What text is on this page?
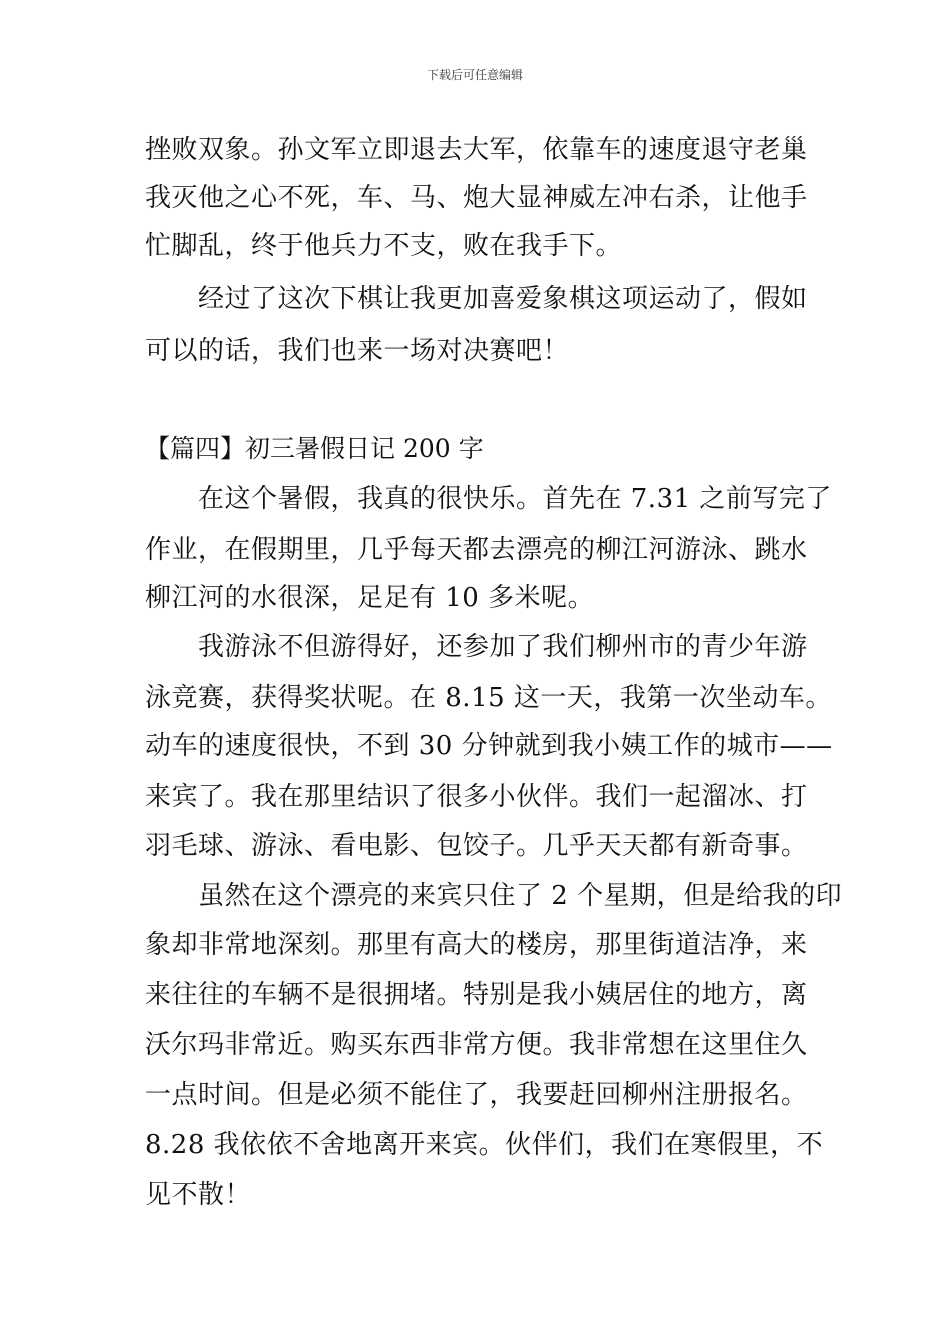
下载后可任意编辑
挫败双象。孙文军立即退去大军，依靠车的速度退守老巢
我灭他之心不死，车、马、炮大显神威左冲右杀，让他手
忙脚乱，终于他兵力不支，败在我手下。
经过了这次下棋让我更加喜爱象棋这项运动了，假如
可以的话，我们也来一场对决赛吧！
【篇四】初三暑假日记 200 字
在这个暑假，我真的很快乐。首先在 7.31 之前写完了
作业，在假期里，几乎每天都去漂亮的柳江河游泳、跳水
柳江河的水很深，足足有 10 多米呢。
我游泳不但游得好，还参加了我们柳州市的青少年游
泳竞赛，获得奖状呢。在 8.15 这一天，我第一次坐动车。
动车的速度很快，不到 30 分钟就到我小姨工作的城市——
来宾了。我在那里结识了很多小伙伴。我们一起溜冰、打
羽毛球、游泳、看电影、包饺子。几乎天天都有新奇事。
虽然在这个漂亮的来宾只住了 2 个星期，但是给我的印
象却非常地深刻。那里有高大的楼房，那里街道洁净，来
来往往的车辆不是很拥堵。特别是我小姨居住的地方，离
沃尔玛非常近。购买东西非常方便。我非常想在这里住久
一点时间。但是必须不能住了，我要赶回柳州注册报名。
8.28 我依依不舍地离开来宾。伙伴们，我们在寒假里，不
见不散！
